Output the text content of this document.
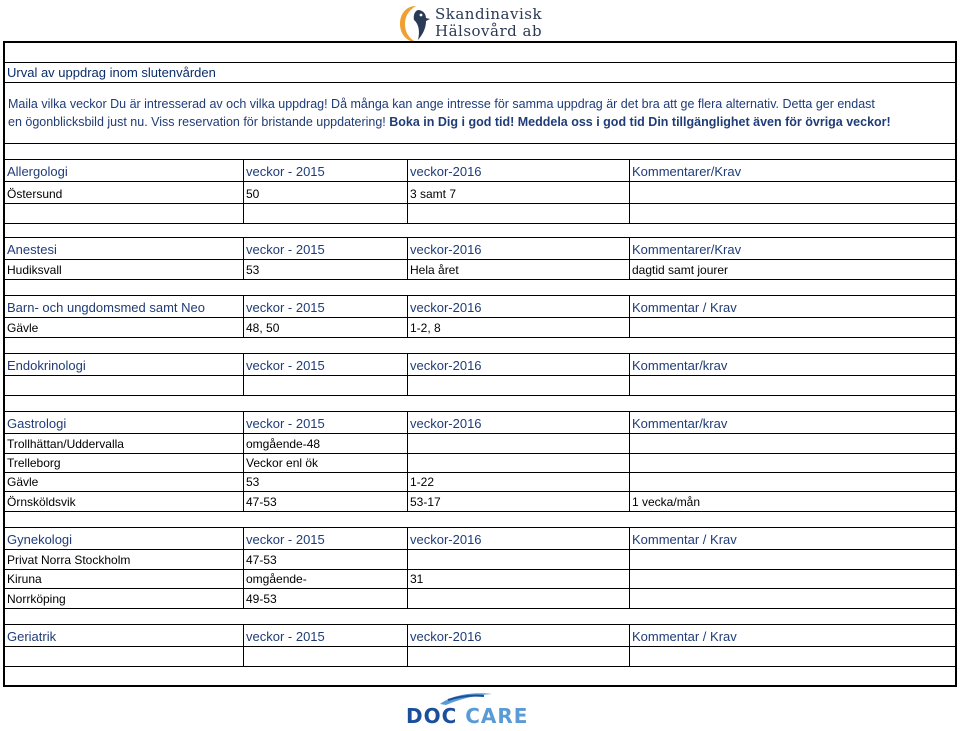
Skandinavisk
Hälsovård ab
Urval av uppdrag inom slutenvården
Maila vilka veckor Du är intresserad av och vilka uppdrag! Då många kan ange intresse för samma uppdrag är det bra att ge flera alternativ. Detta ger endast
en ögonblicksbild just nu. Viss reservation för bristande uppdatering! Boka in Dig i god tid! Meddela oss i god tid Din tillgänglighet även för övriga veckor!
Allergologi	veckor - 2015	veckor-2016	Kommentarer/Krav
Östersund	50	3 samt 7
Anestesi	veckor - 2015	veckor-2016	Kommentarer/Krav
Hudiksvall	53	Hela året	dagtid samt jourer
Barn- och ungdomsmed samt Neo	veckor - 2015	veckor-2016	Kommentar / Krav
Gävle	48, 50	1-2, 8
Endokrinologi	veckor - 2015	veckor-2016	Kommentar/krav
Gastrologi	veckor - 2015	veckor-2016	Kommentar/krav
Trollhättan/Uddervalla	omgående-48
Trelleborg	Veckor enl ök
Gävle	53	1-22
Örnsköldsvik	47-53	53-17	1 vecka/mån
Gynekologi	veckor - 2015	veckor-2016	Kommentar / Krav
Privat Norra Stockholm	47-53
Kiruna	omgående-	31
Norrköping	49-53
Geriatrik	veckor - 2015	veckor-2016	Kommentar / Krav
DOC CARE
